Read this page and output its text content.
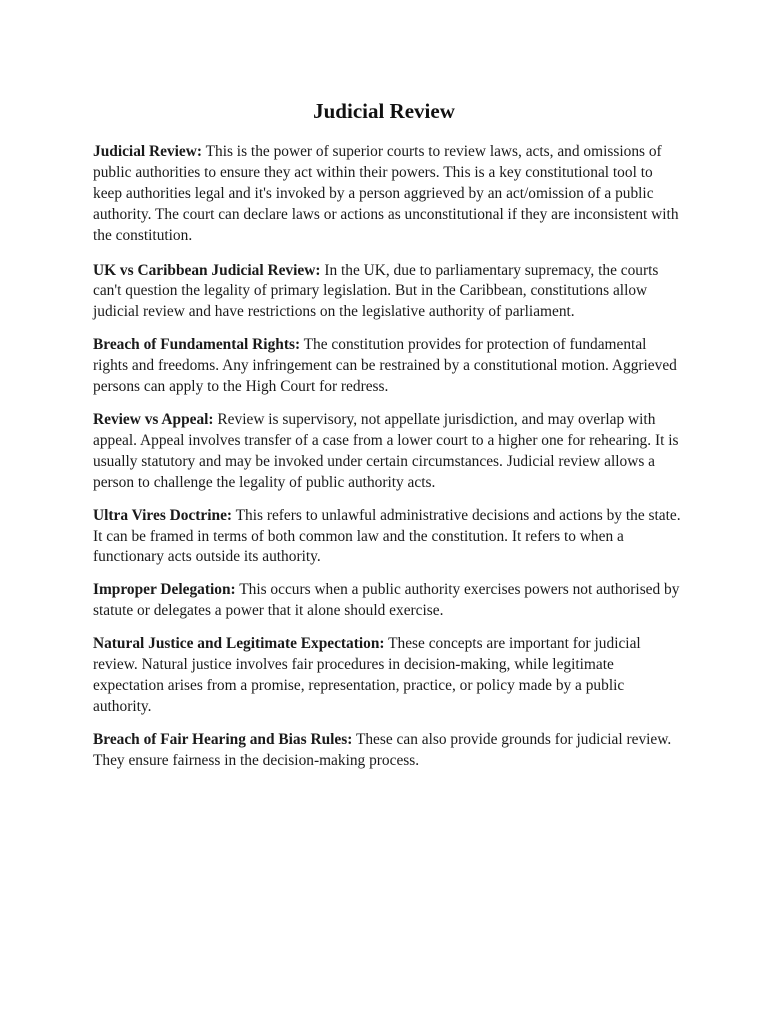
Judicial Review

Judicial Review: This is the power of superior courts to review laws, acts, and omissions of public authorities to ensure they act within their powers. This is a key constitutional tool to keep authorities legal and it's invoked by a person aggrieved by an act/omission of a public authority. The court can declare laws or actions as unconstitutional if they are inconsistent with the constitution.

UK vs Caribbean Judicial Review: In the UK, due to parliamentary supremacy, the courts can't question the legality of primary legislation. But in the Caribbean, constitutions allow judicial review and have restrictions on the legislative authority of parliament.

Breach of Fundamental Rights: The constitution provides for protection of fundamental rights and freedoms. Any infringement can be restrained by a constitutional motion. Aggrieved persons can apply to the High Court for redress.

Review vs Appeal: Review is supervisory, not appellate jurisdiction, and may overlap with appeal. Appeal involves transfer of a case from a lower court to a higher one for rehearing. It is usually statutory and may be invoked under certain circumstances. Judicial review allows a person to challenge the legality of public authority acts.

Ultra Vires Doctrine: This refers to unlawful administrative decisions and actions by the state. It can be framed in terms of both common law and the constitution. It refers to when a functionary acts outside its authority.

Improper Delegation: This occurs when a public authority exercises powers not authorised by statute or delegates a power that it alone should exercise.

Natural Justice and Legitimate Expectation: These concepts are important for judicial review. Natural justice involves fair procedures in decision-making, while legitimate expectation arises from a promise, representation, practice, or policy made by a public authority.

Breach of Fair Hearing and Bias Rules: These can also provide grounds for judicial review. They ensure fairness in the decision-making process.
